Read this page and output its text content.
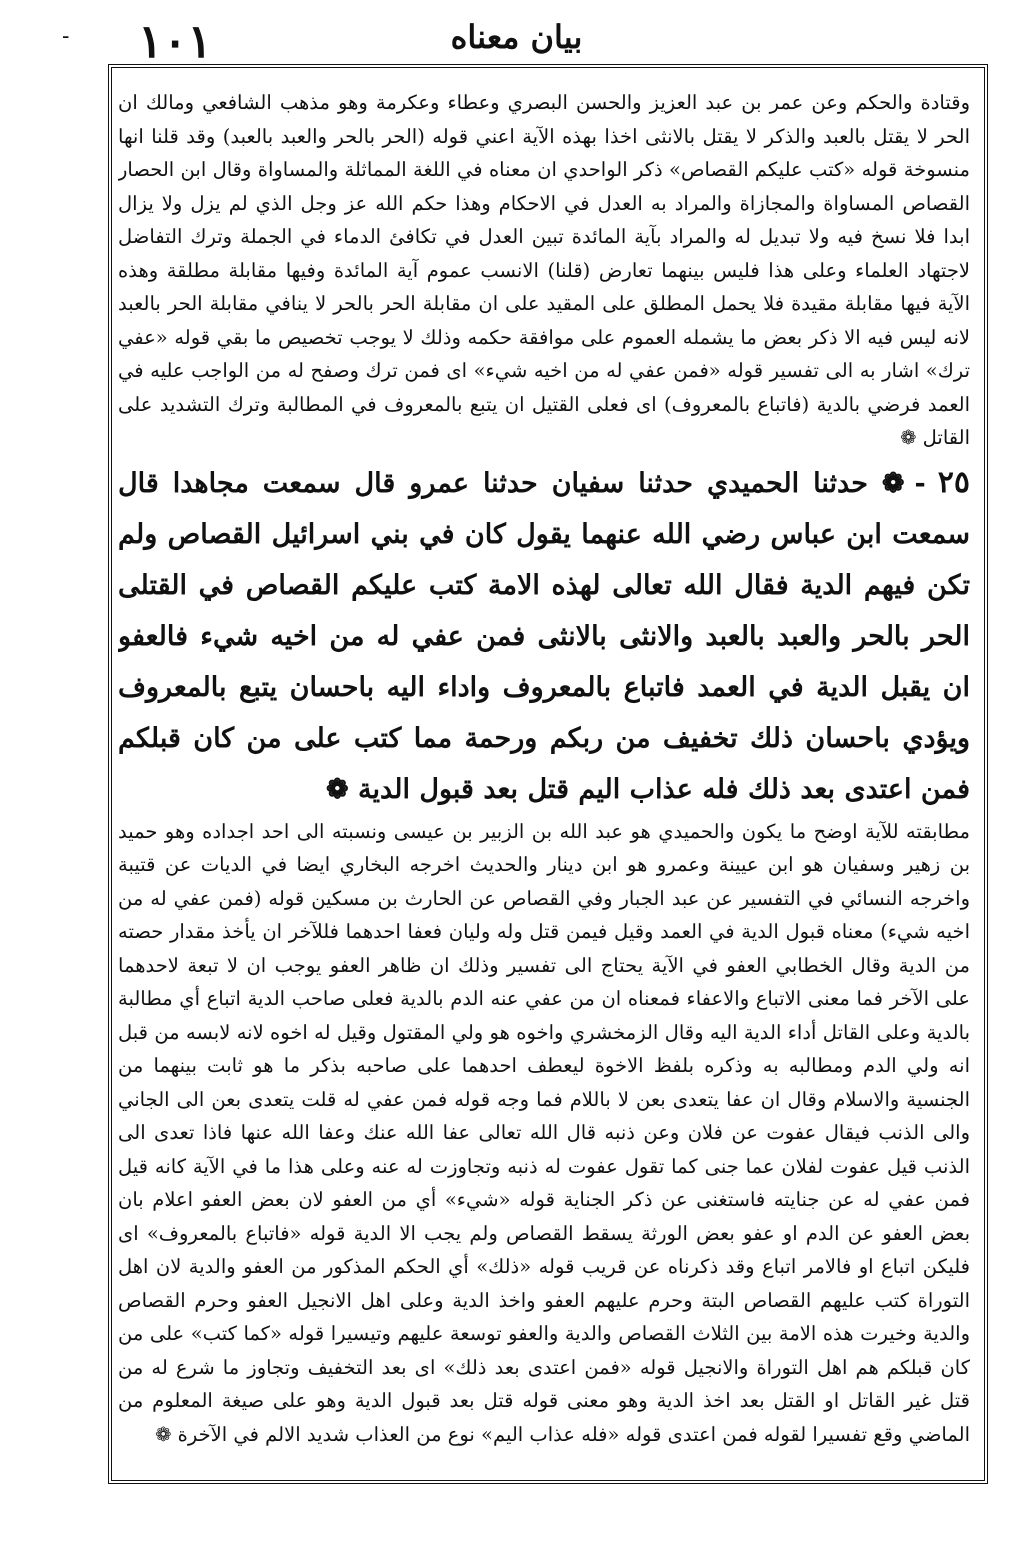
- ١٠١	بيان معناه

وقتادة والحكم وعن عمر بن عبد العزيز والحسن البصري وعطاء وعكرمة وهو مذهب الشافعي ومالك ان الحر لا يقتل بالعبد والذكر لا يقتل بالانثى اخذا بهذه الآية اعني قوله (الحر بالحر والعبد بالعبد) وقد قلنا انها منسوخة قوله «كتب عليكم القصاص» ذكر الواحدي ان معناه في اللغة المماثلة والمساواة وقال ابن الحصار القصاص المساواة والمجازاة والمراد به العدل في الاحكام وهذا حكم الله عز وجل الذي لم يزل ولا يزال ابدا فلا نسخ فيه ولا تبديل له والمراد بآية المائدة تبين العدل في تكافئ الدماء في الجملة وترك التفاضل لاجتهاد العلماء وعلى هذا فليس بينهما تعارض (قلنا) الانسب عموم آية المائدة وفيها مقابلة مطلقة وهذه الآية فيها مقابلة مقيدة فلا يحمل المطلق على المقيد على ان مقابلة الحر بالحر لا ينافي مقابلة الحر بالعبد لانه ليس فيه الا ذكر بعض ما يشمله العموم على موافقة حكمه وذلك لا يوجب تخصيص ما بقي قوله «عفي ترك» اشار به الى تفسير قوله «فمن عفي له من اخيه شيء» اى فمن ترك وصفح له من الواجب عليه في العمد فرضي بالدية (فاتباع بالمعروف) اى فعلى القتيل ان يتبع بالمعروف في المطالبة وترك التشديد على القاتل ❁

٢٥-❁ حدثنا الحميدي حدثنا سفيان حدثنا عمرو قال سمعت مجاهدا قال سمعت ابن عباس رضي الله عنهما يقول كان في بني اسرائيل القصاص ولم تكن فيهم الدية فقال الله تعالى لهذه الامة كتب عليكم القصاص في القتلى الحر بالحر والعبد بالعبد والانثى بالانثى فمن عفي له من اخيه شيء فالعفو ان يقبل الدية في العمد فاتباع بالمعروف واداء اليه باحسان يتبع بالمعروف ويؤدي باحسان ذلك تخفيف من ربكم ورحمة مما كتب على من كان قبلكم فمن اعتدى بعد ذلك فله عذاب اليم قتل بعد قبول الدية ❁

مطابقته للآية اوضح ما يكون والحميدي هو عبد الله بن الزبير بن عيسى ونسبته الى احد اجداده وهو حميد بن زهير وسفيان هو ابن عيينة وعمرو هو ابن دينار والحديث اخرجه البخاري ايضا في الديات عن قتيبة واخرجه النسائي في التفسير عن عبد الجبار وفي القصاص عن الحارث بن مسكين قوله (فمن عفي له من اخيه شيء) معناه قبول الدية في العمد وقيل فيمن قتل وله وليان فعفا احدهما فللآخر ان يأخذ مقدار حصته من الدية وقال الخطابي العفو في الآية يحتاج الى تفسير وذلك ان ظاهر العفو يوجب ان لا تبعة لاحدهما على الآخر فما معنى الاتباع والاعفاء فمعناه ان من عفي عنه الدم بالدية فعلى صاحب الدية اتباع أي مطالبة بالدية وعلى القاتل أداء الدية اليه وقال الزمخشري واخوه هو ولي المقتول وقيل له اخوه لانه لابسه من قبل انه ولي الدم ومطالبه به وذكره بلفظ الاخوة ليعطف احدهما على صاحبه بذكر ما هو ثابت بينهما من الجنسية والاسلام وقال ان عفا يتعدى بعن لا باللام فما وجه قوله فمن عفي له قلت يتعدى بعن الى الجاني والى الذنب فيقال عفوت عن فلان وعن ذنبه قال الله تعالى عفا الله عنك وعفا الله عنها فاذا تعدى الى الذنب قيل عفوت لفلان عما جنى كما تقول عفوت له ذنبه وتجاوزت له عنه وعلى هذا ما في الآية كانه قيل فمن عفي له عن جنايته فاستغنى عن ذكر الجناية قوله «شيء» أي من العفو لان بعض العفو اعلام بان بعض العفو عن الدم او عفو بعض الورثة يسقط القصاص ولم يجب الا الدية قوله «فاتباع بالمعروف» اى فليكن اتباع او فالامر اتباع وقد ذكرناه عن قريب قوله «ذلك» أي الحكم المذكور من العفو والدية لان اهل التوراة كتب عليهم القصاص البتة وحرم عليهم العفو واخذ الدية وعلى اهل الانجيل العفو وحرم القصاص والدية وخيرت هذه الامة بين الثلاث القصاص والدية والعفو توسعة عليهم وتيسيرا قوله «كما كتب» على من كان قبلكم هم اهل التوراة والانجيل قوله «فمن اعتدى بعد ذلك» اى بعد التخفيف وتجاوز ما شرع له من قتل غير القاتل او القتل بعد اخذ الدية وهو معنى قوله قتل بعد قبول الدية وهو على صيغة المعلوم من الماضي وقع تفسيرا لقوله فمن اعتدى قوله «فله عذاب اليم» نوع من العذاب شديد الالم في الآخرة ❁
